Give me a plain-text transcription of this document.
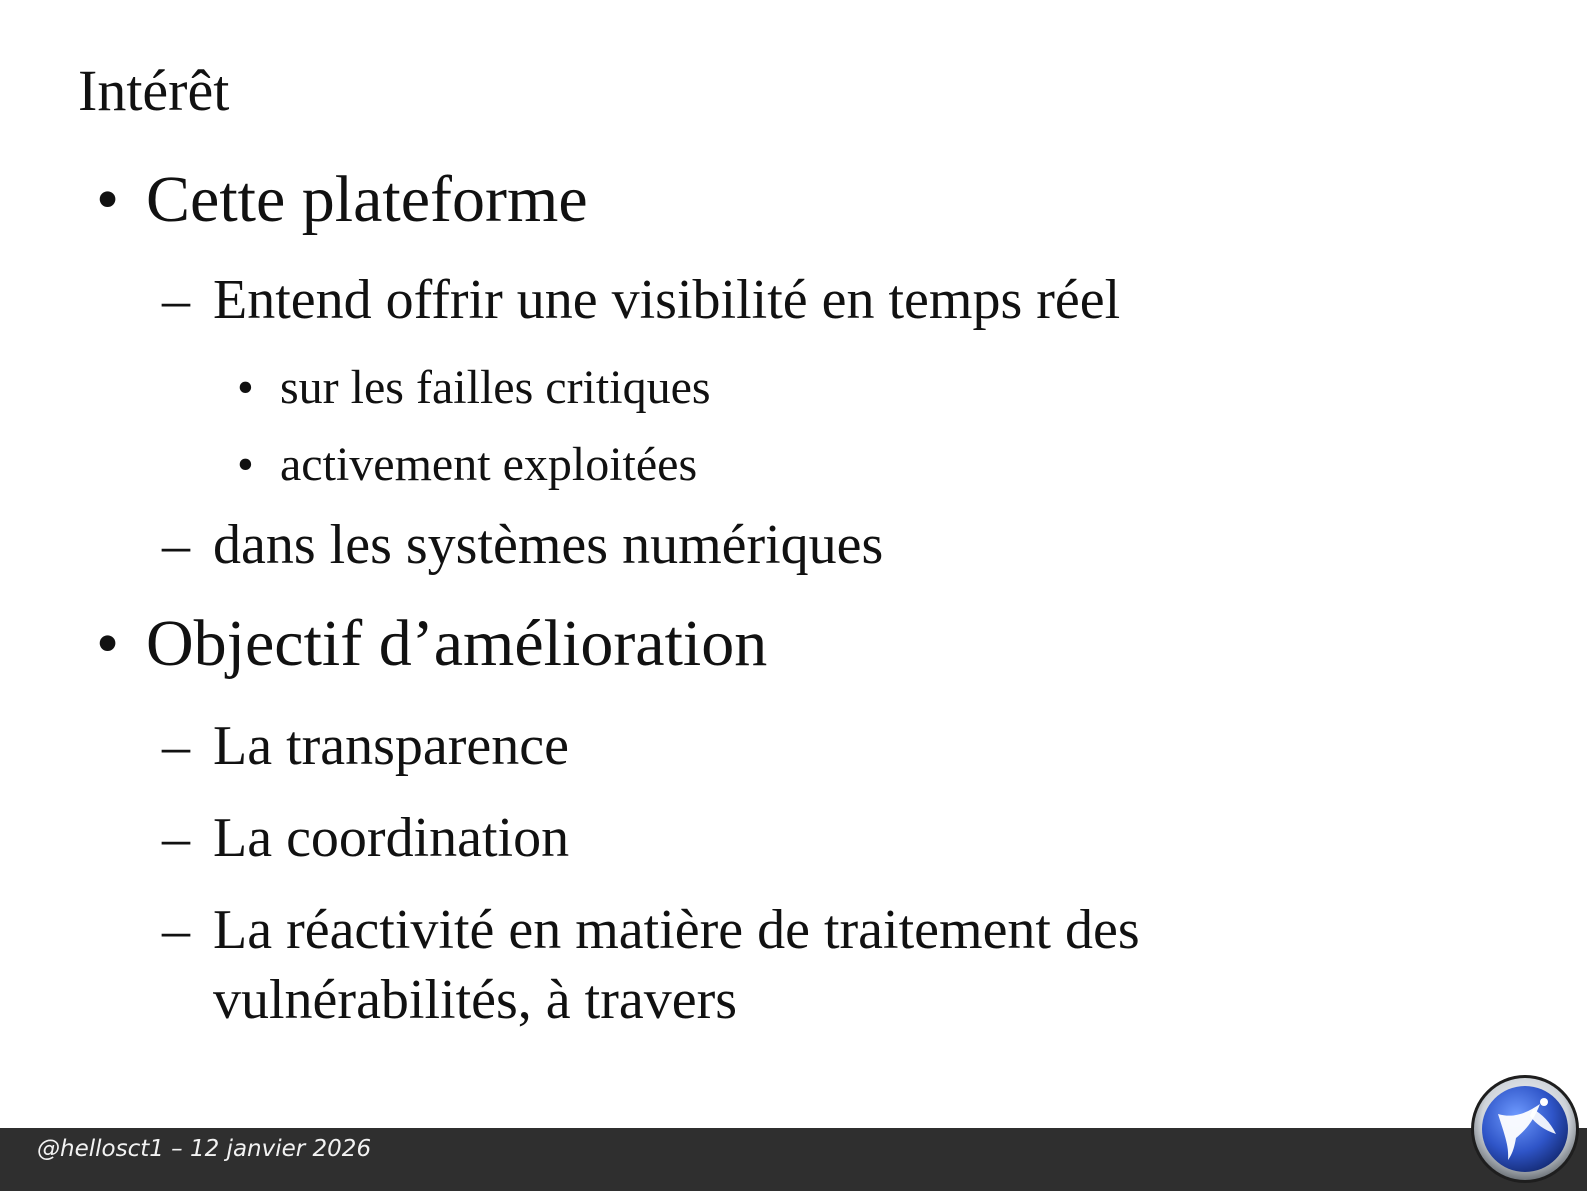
Intérêt
• Cette plateforme
– Entend offrir une visibilité en temps réel
• sur les failles critiques
• activement exploitées
– dans les systèmes numériques
• Objectif d’amélioration
– La transparence
– La coordination
– La réactivité en matière de traitement des
vulnérabilités, à travers
@hellosct1 – 12 janvier 2026
